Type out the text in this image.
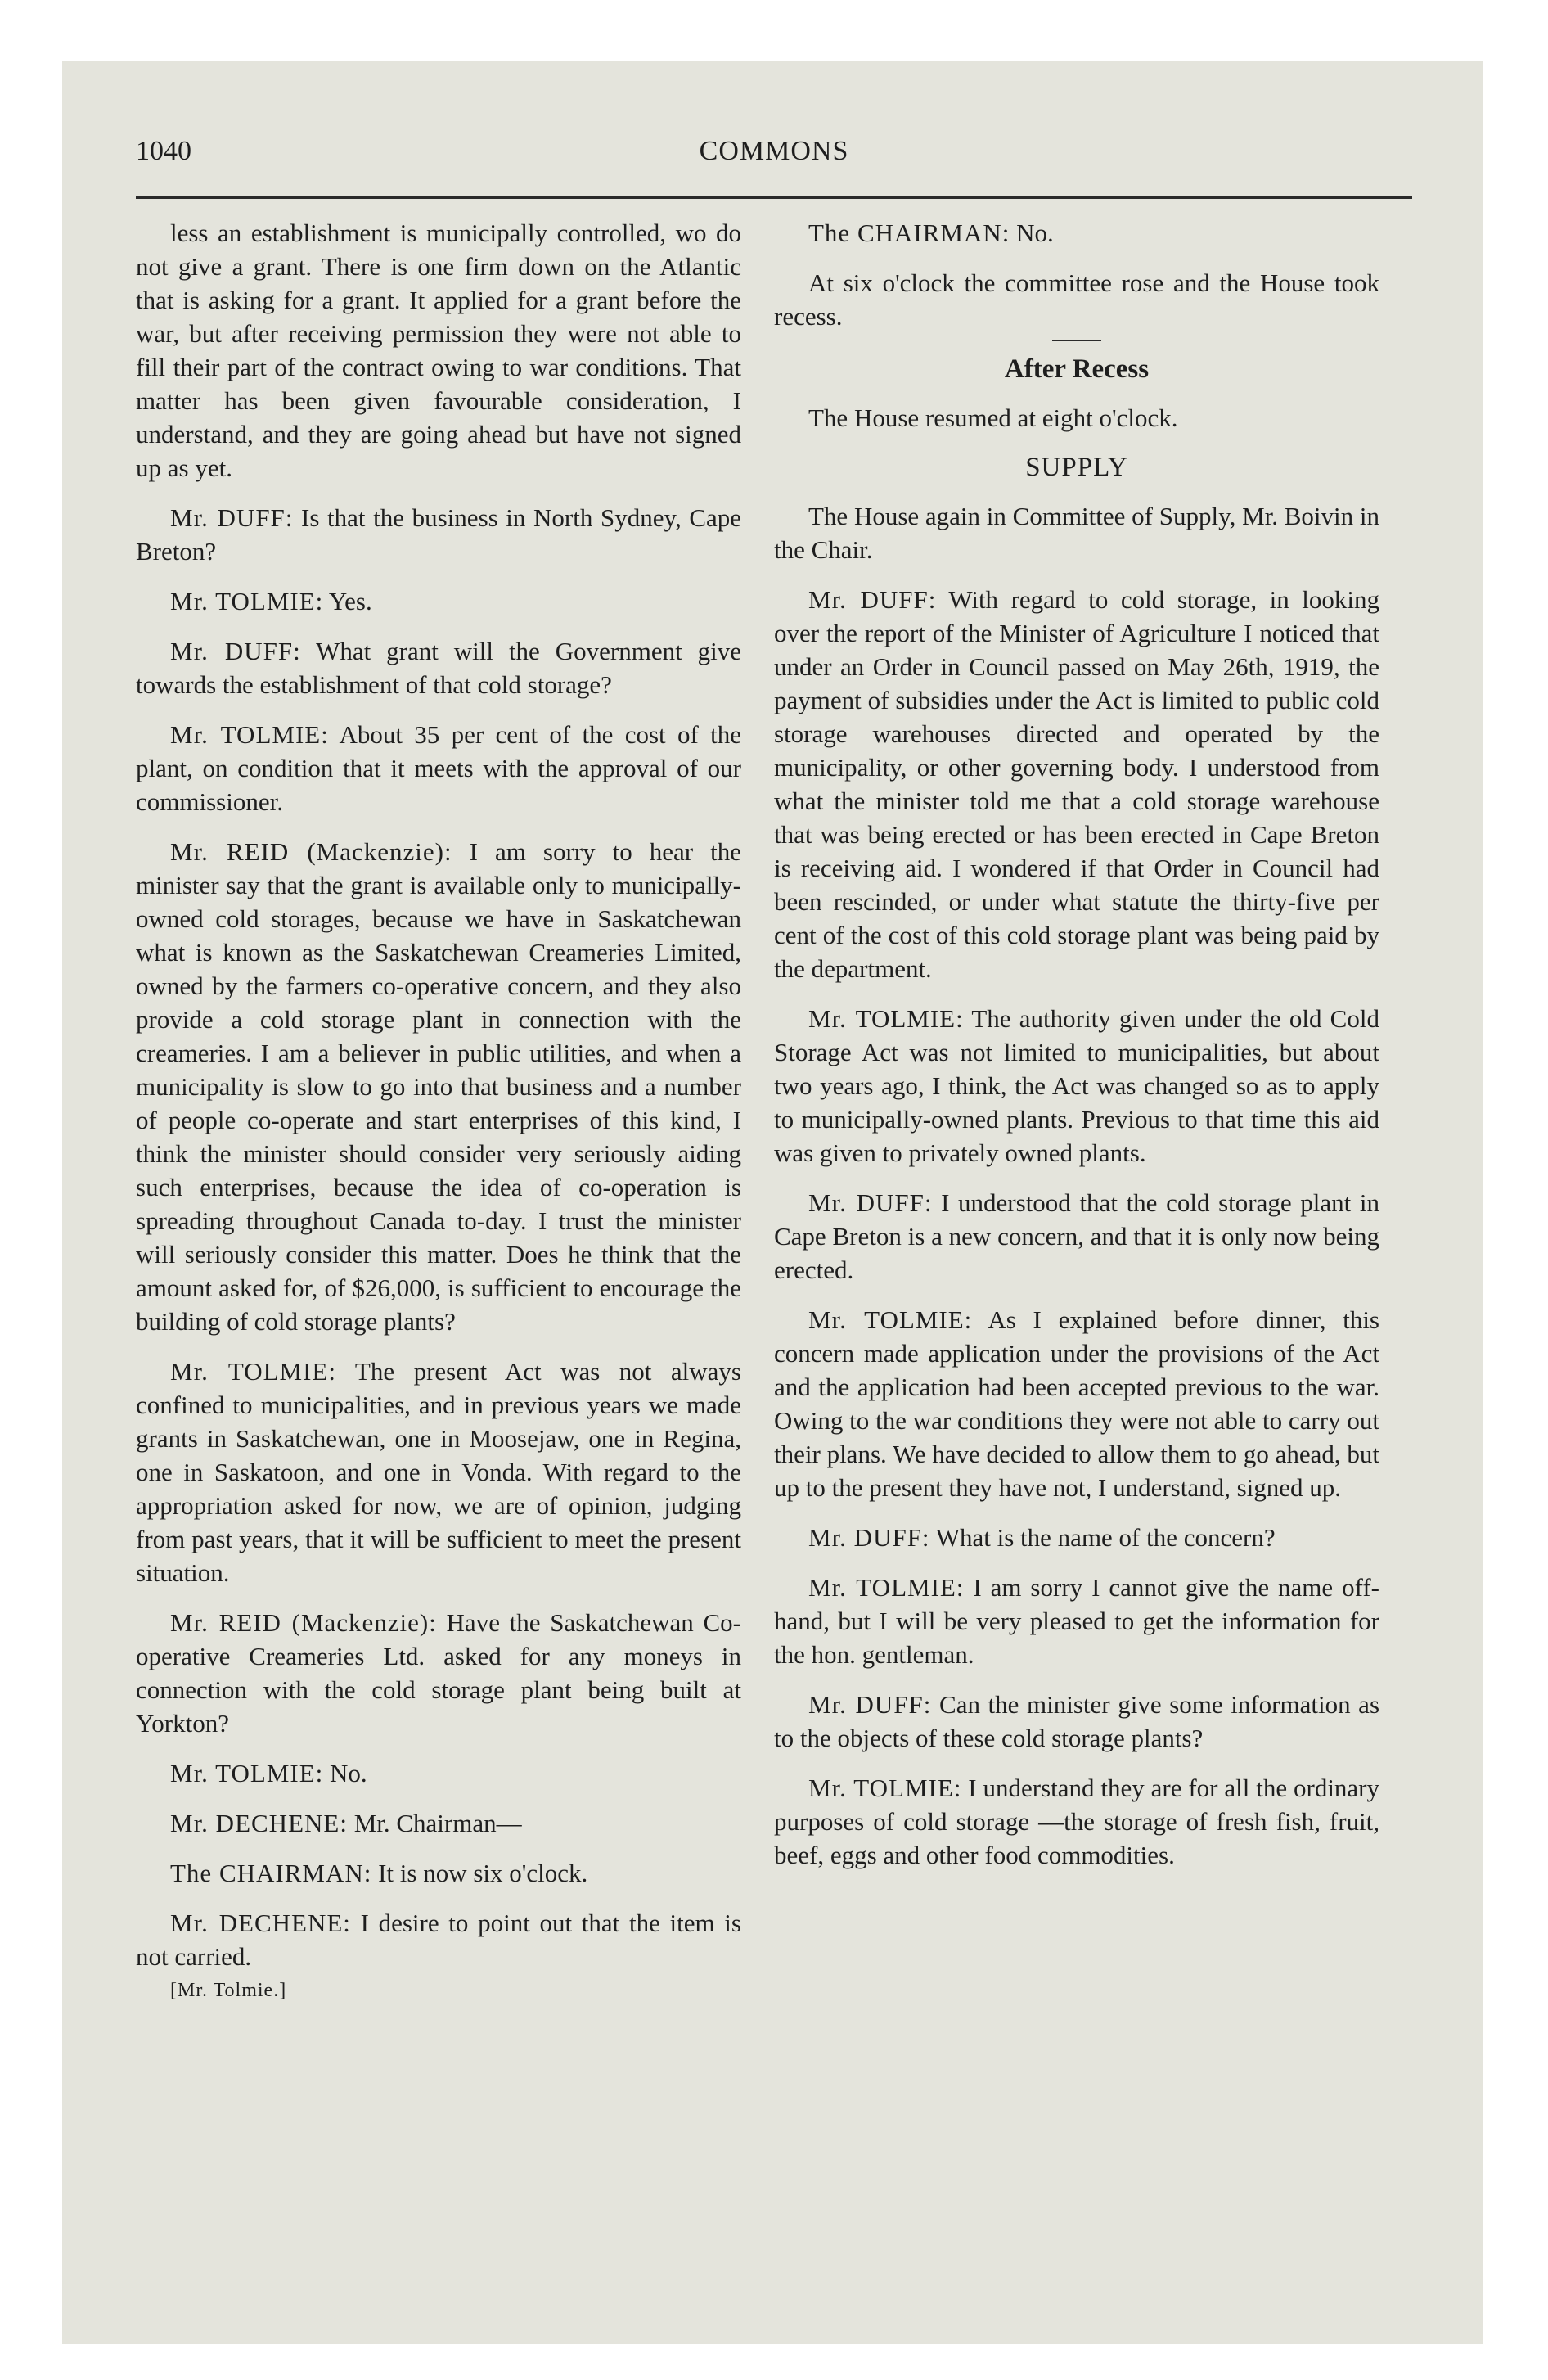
1040	COMMONS

less an establishment is municipally controlled, wo do not give a grant. There is one firm down on the Atlantic that is asking for a grant. It applied for a grant before the war, but after receiving permission they were not able to fill their part of the contract owing to war conditions. That matter has been given favourable consideration, I understand, and they are going ahead but have not signed up as yet.

Mr. DUFF: Is that the business in North Sydney, Cape Breton?

Mr. TOLMIE: Yes.

Mr. DUFF: What grant will the Government give towards the establishment of that cold storage?

Mr. TOLMIE: About 35 per cent of the cost of the plant, on condition that it meets with the approval of our commissioner.

Mr. REID (Mackenzie): I am sorry to hear the minister say that the grant is available only to municipally-owned cold storages, because we have in Saskatchewan what is known as the Saskatchewan Creameries Limited, owned by the farmers co-operative concern, and they also provide a cold storage plant in connection with the creameries. I am a believer in public utilities, and when a municipality is slow to go into that business and a number of people co-operate and start enterprises of this kind, I think the minister should consider very seriously aiding such enterprises, because the idea of co-operation is spreading throughout Canada to-day. I trust the minister will seriously consider this matter. Does he think that the amount asked for, of $26,000, is sufficient to encourage the building of cold storage plants?

Mr. TOLMIE: The present Act was not always confined to municipalities, and in previous years we made grants in Saskatchewan, one in Moosejaw, one in Regina, one in Saskatoon, and one in Vonda. With regard to the appropriation asked for now, we are of opinion, judging from past years, that it will be sufficient to meet the present situation.

Mr. REID (Mackenzie): Have the Saskatchewan Co-operative Creameries Ltd. asked for any moneys in connection with the cold storage plant being built at Yorkton?

Mr. TOLMIE: No.

Mr. DECHENE: Mr. Chairman—

The CHAIRMAN: It is now six o'clock.

Mr. DECHENE: I desire to point out that the item is not carried.

[Mr. Tolmie.]

The CHAIRMAN: No.

At six o'clock the committee rose and the House took recess.

After Recess

The House resumed at eight o'clock.

SUPPLY

The House again in Committee of Supply, Mr. Boivin in the Chair.

Mr. DUFF: With regard to cold storage, in looking over the report of the Minister of Agriculture I noticed that under an Order in Council passed on May 26th, 1919, the payment of subsidies under the Act is limited to public cold storage warehouses directed and operated by the municipality, or other governing body. I understood from what the minister told me that a cold storage warehouse that was being erected or has been erected in Cape Breton is receiving aid. I wondered if that Order in Council had been rescinded, or under what statute the thirty-five per cent of the cost of this cold storage plant was being paid by the department.

Mr. TOLMIE: The authority given under the old Cold Storage Act was not limited to municipalities, but about two years ago, I think, the Act was changed so as to apply to municipally-owned plants. Previous to that time this aid was given to privately owned plants.

Mr. DUFF: I understood that the cold storage plant in Cape Breton is a new concern, and that it is only now being erected.

Mr. TOLMIE: As I explained before dinner, this concern made application under the provisions of the Act and the application had been accepted previous to the war. Owing to the war conditions they were not able to carry out their plans. We have decided to allow them to go ahead, but up to the present they have not, I understand, signed up.

Mr. DUFF: What is the name of the concern?

Mr. TOLMIE: I am sorry I cannot give the name off-hand, but I will be very pleased to get the information for the hon. gentleman.

Mr. DUFF: Can the minister give some information as to the objects of these cold storage plants?

Mr. TOLMIE: I understand they are for all the ordinary purposes of cold storage —the storage of fresh fish, fruit, beef, eggs and other food commodities.
